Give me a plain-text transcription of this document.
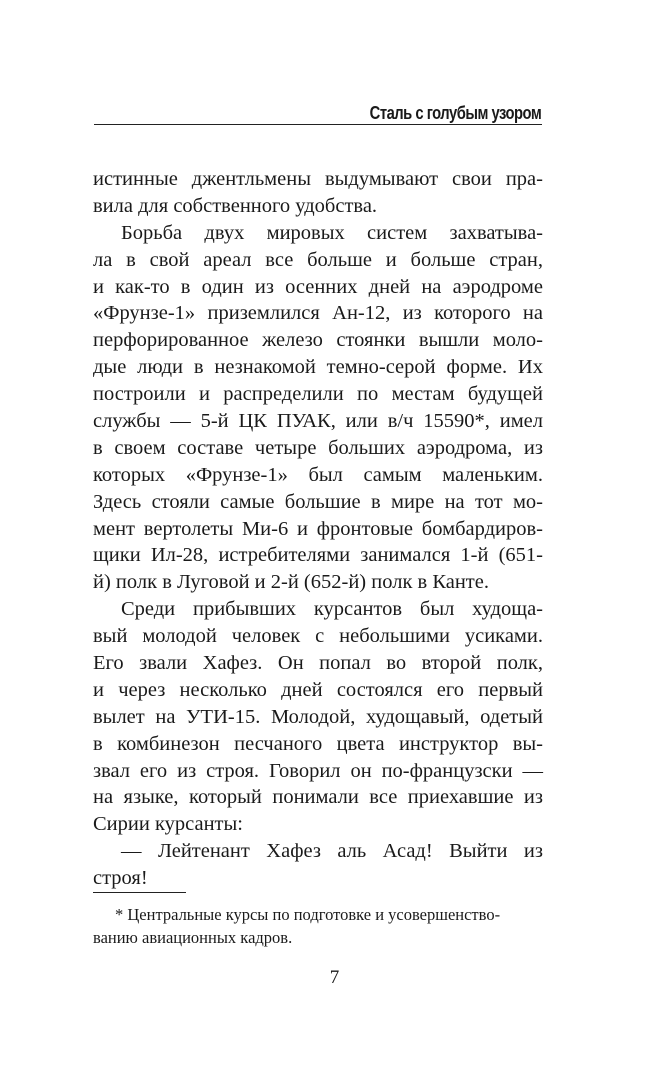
Сталь с голубым узором
истинные джентльмены выдумывают свои пра-
вила для собственного удобства.
Борьба двух мировых систем захватыва-
ла в свой ареал все больше и больше стран,
и как-то в один из осенних дней на аэродроме
«Фрунзе-1» приземлился Ан-12, из которого на
перфорированное железо стоянки вышли моло-
дые люди в незнакомой темно-серой форме. Их
построили и распределили по местам будущей
службы — 5-й ЦК ПУАК, или в/ч 15590*, имел
в своем составе четыре больших аэродрома, из
которых «Фрунзе-1» был самым маленьким.
Здесь стояли самые большие в мире на тот мо-
мент вертолеты Ми-6 и фронтовые бомбардиров-
щики Ил-28, истребителями занимался 1-й (651-
й) полк в Луговой и 2-й (652-й) полк в Канте.
Среди прибывших курсантов был худоща-
вый молодой человек с небольшими усиками.
Его звали Хафез. Он попал во второй полк,
и через несколько дней состоялся его первый
вылет на УТИ-15. Молодой, худощавый, одетый
в комбинезон песчаного цвета инструктор вы-
звал его из строя. Говорил он по-французски —
на языке, который понимали все приехавшие из
Сирии курсанты:
— Лейтенант Хафез аль Асад! Выйти из
строя!
* Центральные курсы по подготовке и усовершенство-
ванию авиационных кадров.
7
